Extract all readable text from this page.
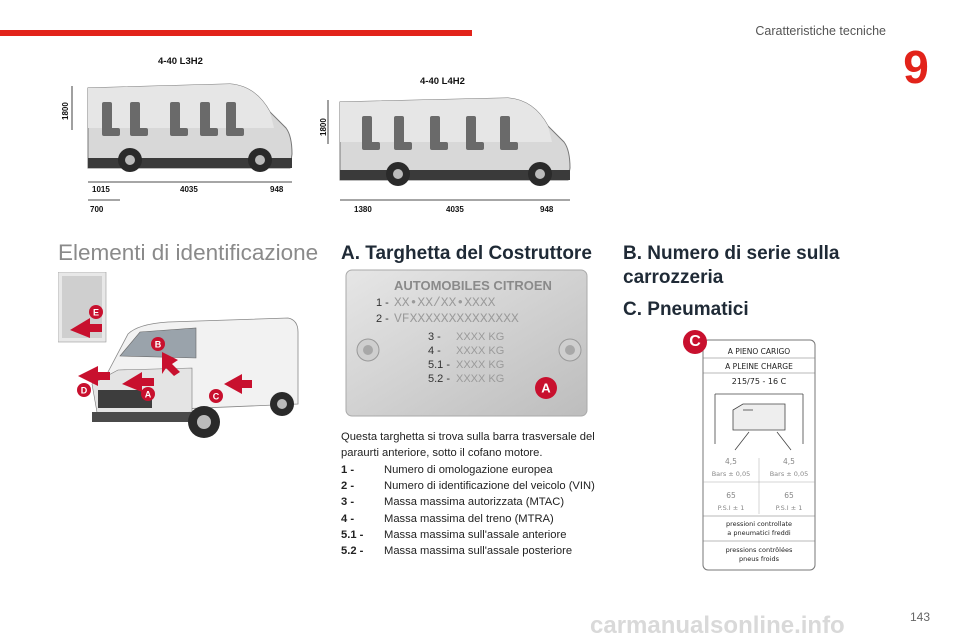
Caratteristiche tecniche
9
4-40 L3H2
1800
1015	4035	948
700
4-40 L4H2
1800
1380	4035	948
Elementi di identificazione A. Targhetta del Costruttore B. Numero di serie sulla carrozzeria
C. Pneumatici
E
B
D	A	C
AUTOMOBILES CITROEN
1 - XX•XX/XX•XXXX
2 - VFXXXXXXXXXXXXXX
3 - XXXX KG
4 - XXXX KG
5.1 - XXXX KG
5.2 - XXXX KG
A
Questa targhetta si trova sulla barra trasversale del paraurti anteriore, sotto il cofano motore.
1 -	Numero di omologazione europea
2 -	Numero di identificazione del veicolo (VIN)
3 -	Massa massima autorizzata (MTAC)
4 -	Massa massima del treno (MTRA)
5.1 -	Massa massima sull'assale anteriore
5.2 -	Massa massima sull'assale posteriore
A PIENO CARIGO
A PLEINE CHARGE
215/75 - 16 C
4,5
Bars ± 0,05
4,5
Bars ± 0,05
65
P.S.I ± 1
65
P.S.I ± 1
pressioni controllate
a pneumatici freddi
pressions contrôlées
pneus froids
C
carmanualsonline.info	143
